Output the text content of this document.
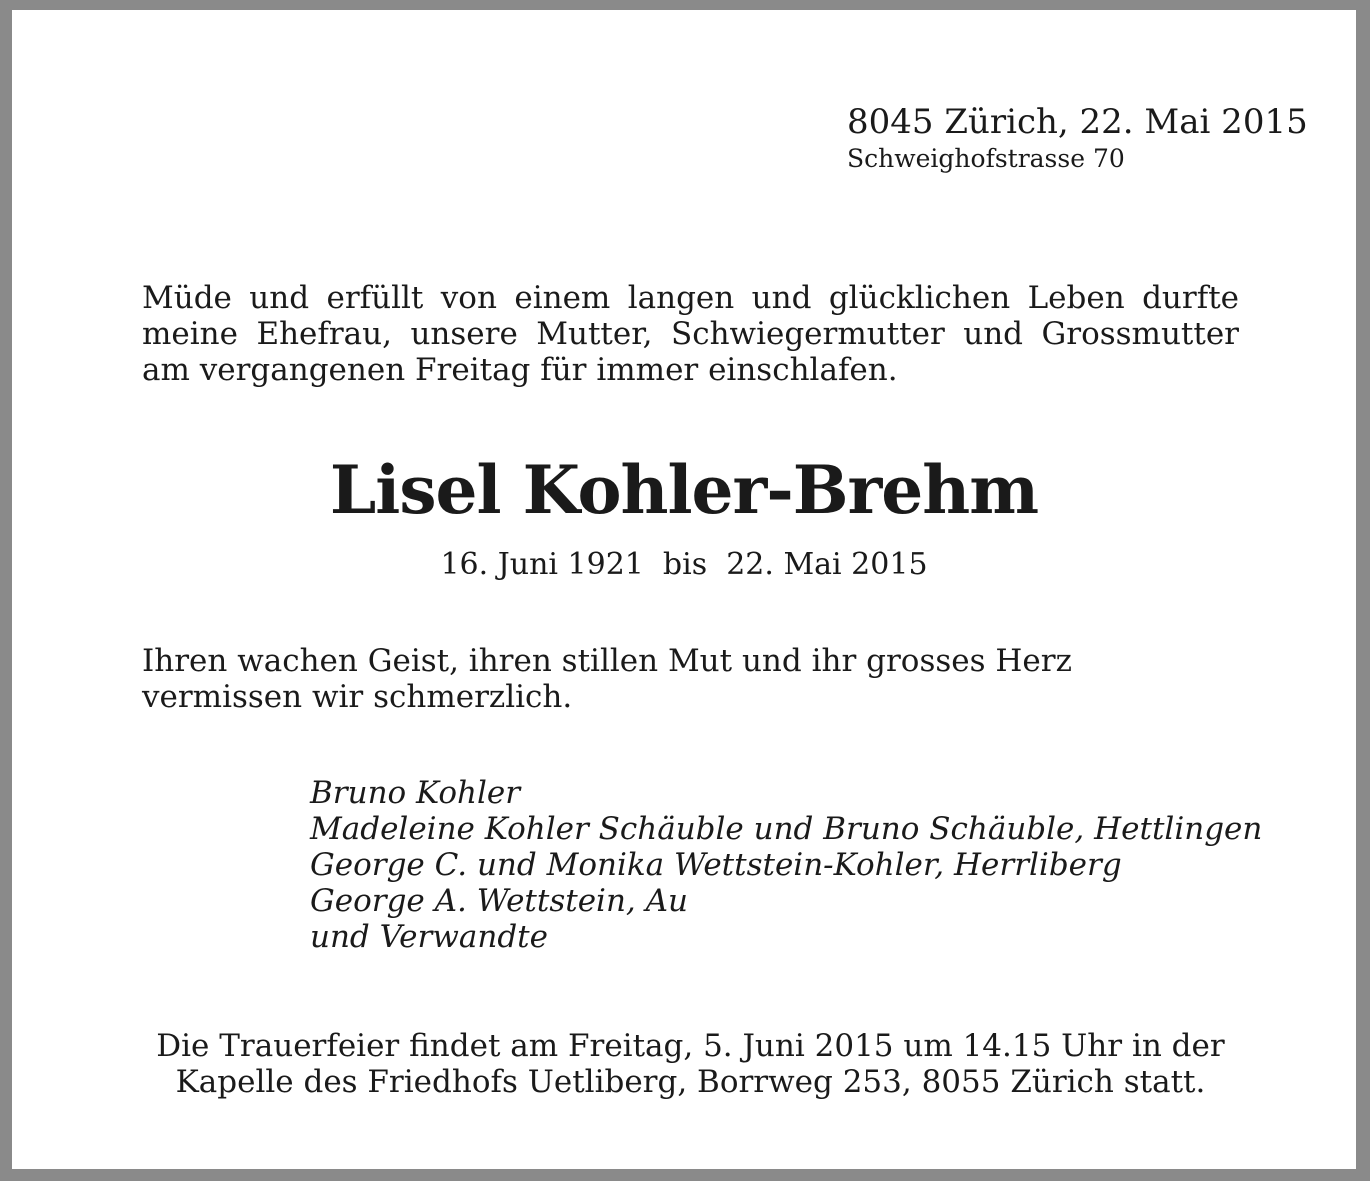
8045 Zürich, 22. Mai 2015
Schweighofstrasse 70

Müde und erfüllt von einem langen und glücklichen Leben durfte meine Ehefrau, unsere Mutter, Schwiegermutter und Grossmutter am vergangenen Freitag für immer einschlafen.

Lisel Kohler-Brehm

16. Juni 1921  bis  22. Mai 2015

Ihren wachen Geist, ihren stillen Mut und ihr grosses Herz vermissen wir schmerzlich.

Bruno Kohler
Madeleine Kohler Schäuble und Bruno Schäuble, Hettlingen
George C. und Monika Wettstein-Kohler, Herrliberg
George A. Wettstein, Au
und Verwandte
Die Trauerfeier findet am Freitag, 5. Juni 2015 um 14.15 Uhr in der
Kapelle des Friedhofs Uetliberg, Borrweg 253, 8055 Zürich statt.
